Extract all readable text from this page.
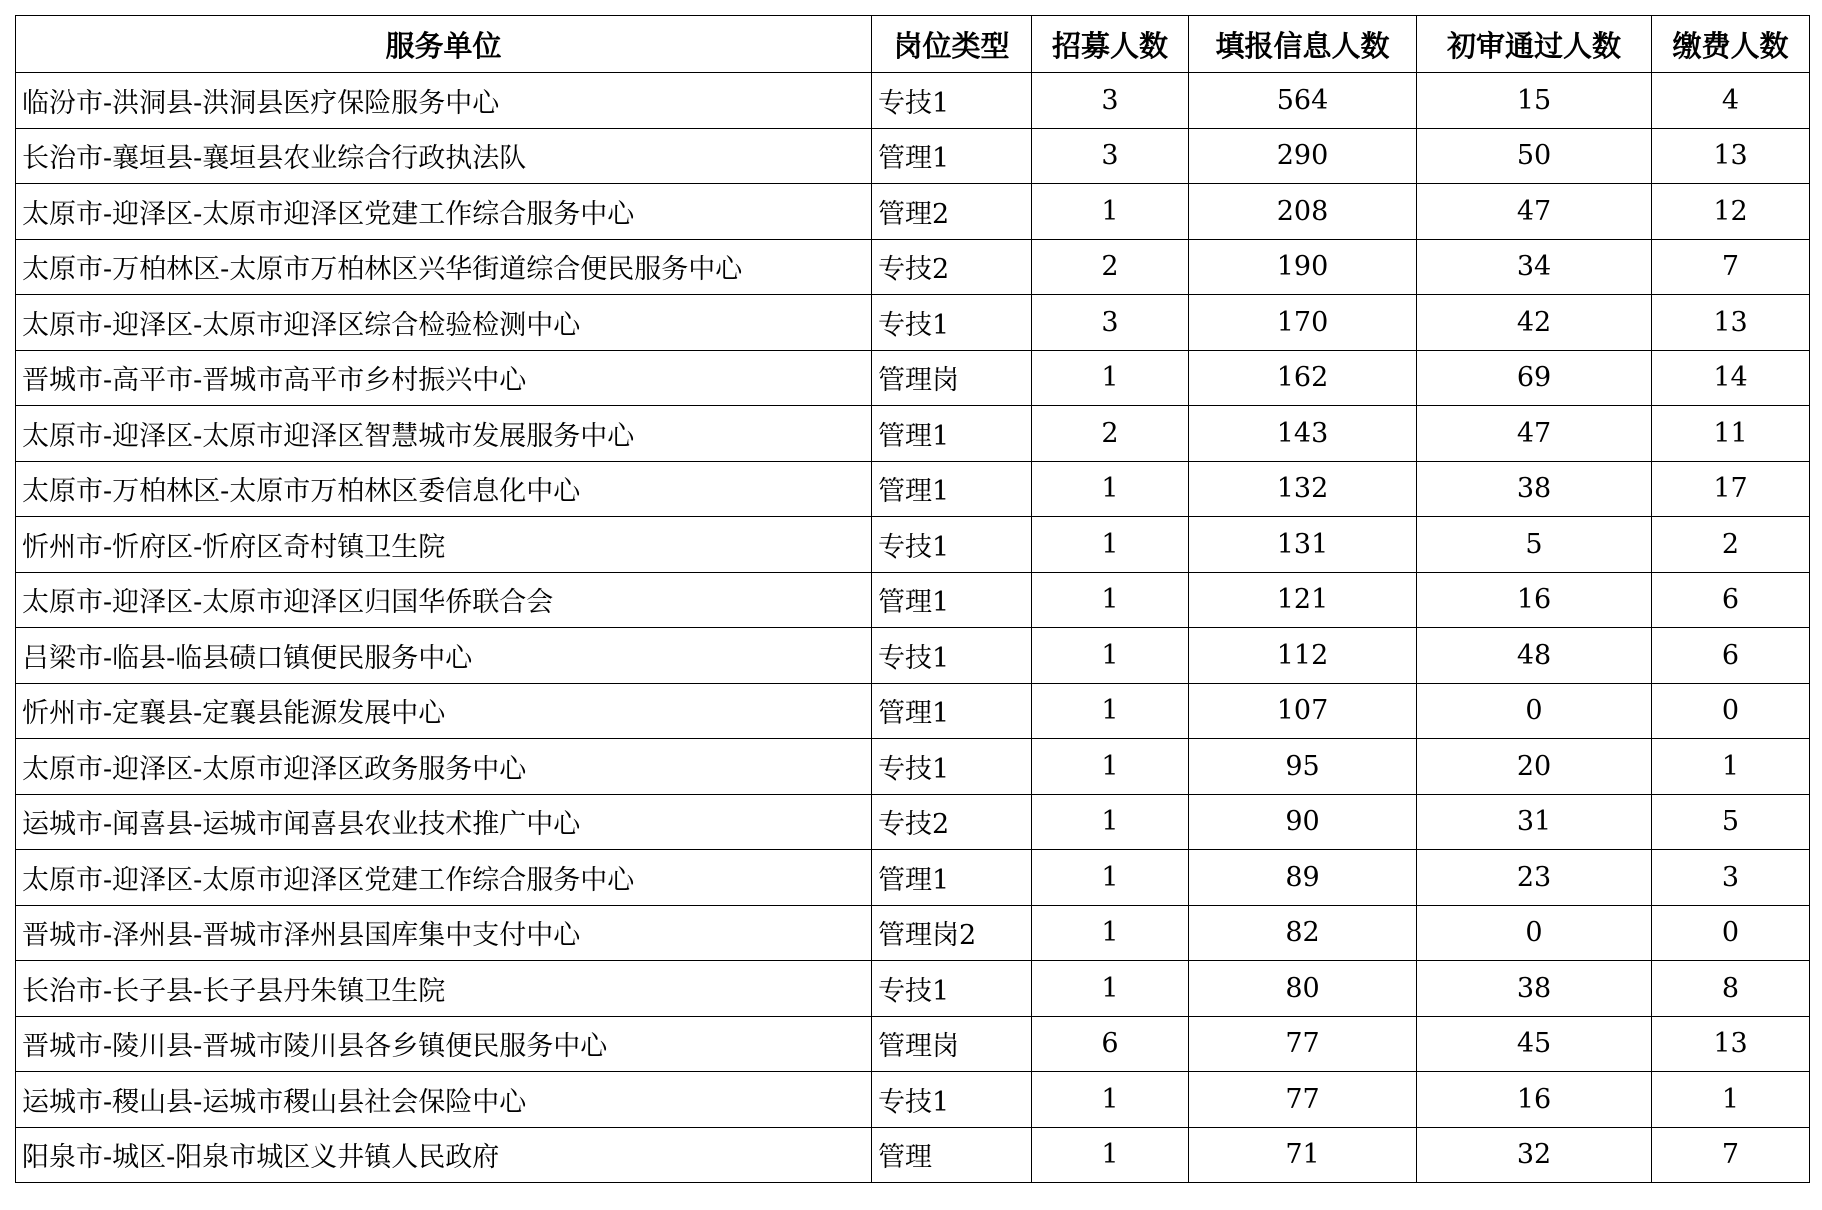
服务单位	岗位类型	招募人数	填报信息人数	初审通过人数	缴费人数
临汾市-洪洞县-洪洞县医疗保险服务中心	专技1	3	564	15	4
长治市-襄垣县-襄垣县农业综合行政执法队	管理1	3	290	50	13
太原市-迎泽区-太原市迎泽区党建工作综合服务中心	管理2	1	208	47	12
太原市-万柏林区-太原市万柏林区兴华街道综合便民服务中心	专技2	2	190	34	7
太原市-迎泽区-太原市迎泽区综合检验检测中心	专技1	3	170	42	13
晋城市-高平市-晋城市高平市乡村振兴中心	管理岗	1	162	69	14
太原市-迎泽区-太原市迎泽区智慧城市发展服务中心	管理1	2	143	47	11
太原市-万柏林区-太原市万柏林区委信息化中心	管理1	1	132	38	17
忻州市-忻府区-忻府区奇村镇卫生院	专技1	1	131	5	2
太原市-迎泽区-太原市迎泽区归国华侨联合会	管理1	1	121	16	6
吕梁市-临县-临县碛口镇便民服务中心	专技1	1	112	48	6
忻州市-定襄县-定襄县能源发展中心	管理1	1	107	0	0
太原市-迎泽区-太原市迎泽区政务服务中心	专技1	1	95	20	1
运城市-闻喜县-运城市闻喜县农业技术推广中心	专技2	1	90	31	5
太原市-迎泽区-太原市迎泽区党建工作综合服务中心	管理1	1	89	23	3
晋城市-泽州县-晋城市泽州县国库集中支付中心	管理岗2	1	82	0	0
长治市-长子县-长子县丹朱镇卫生院	专技1	1	80	38	8
晋城市-陵川县-晋城市陵川县各乡镇便民服务中心	管理岗	6	77	45	13
运城市-稷山县-运城市稷山县社会保险中心	专技1	1	77	16	1
阳泉市-城区-阳泉市城区义井镇人民政府	管理	1	71	32	7
